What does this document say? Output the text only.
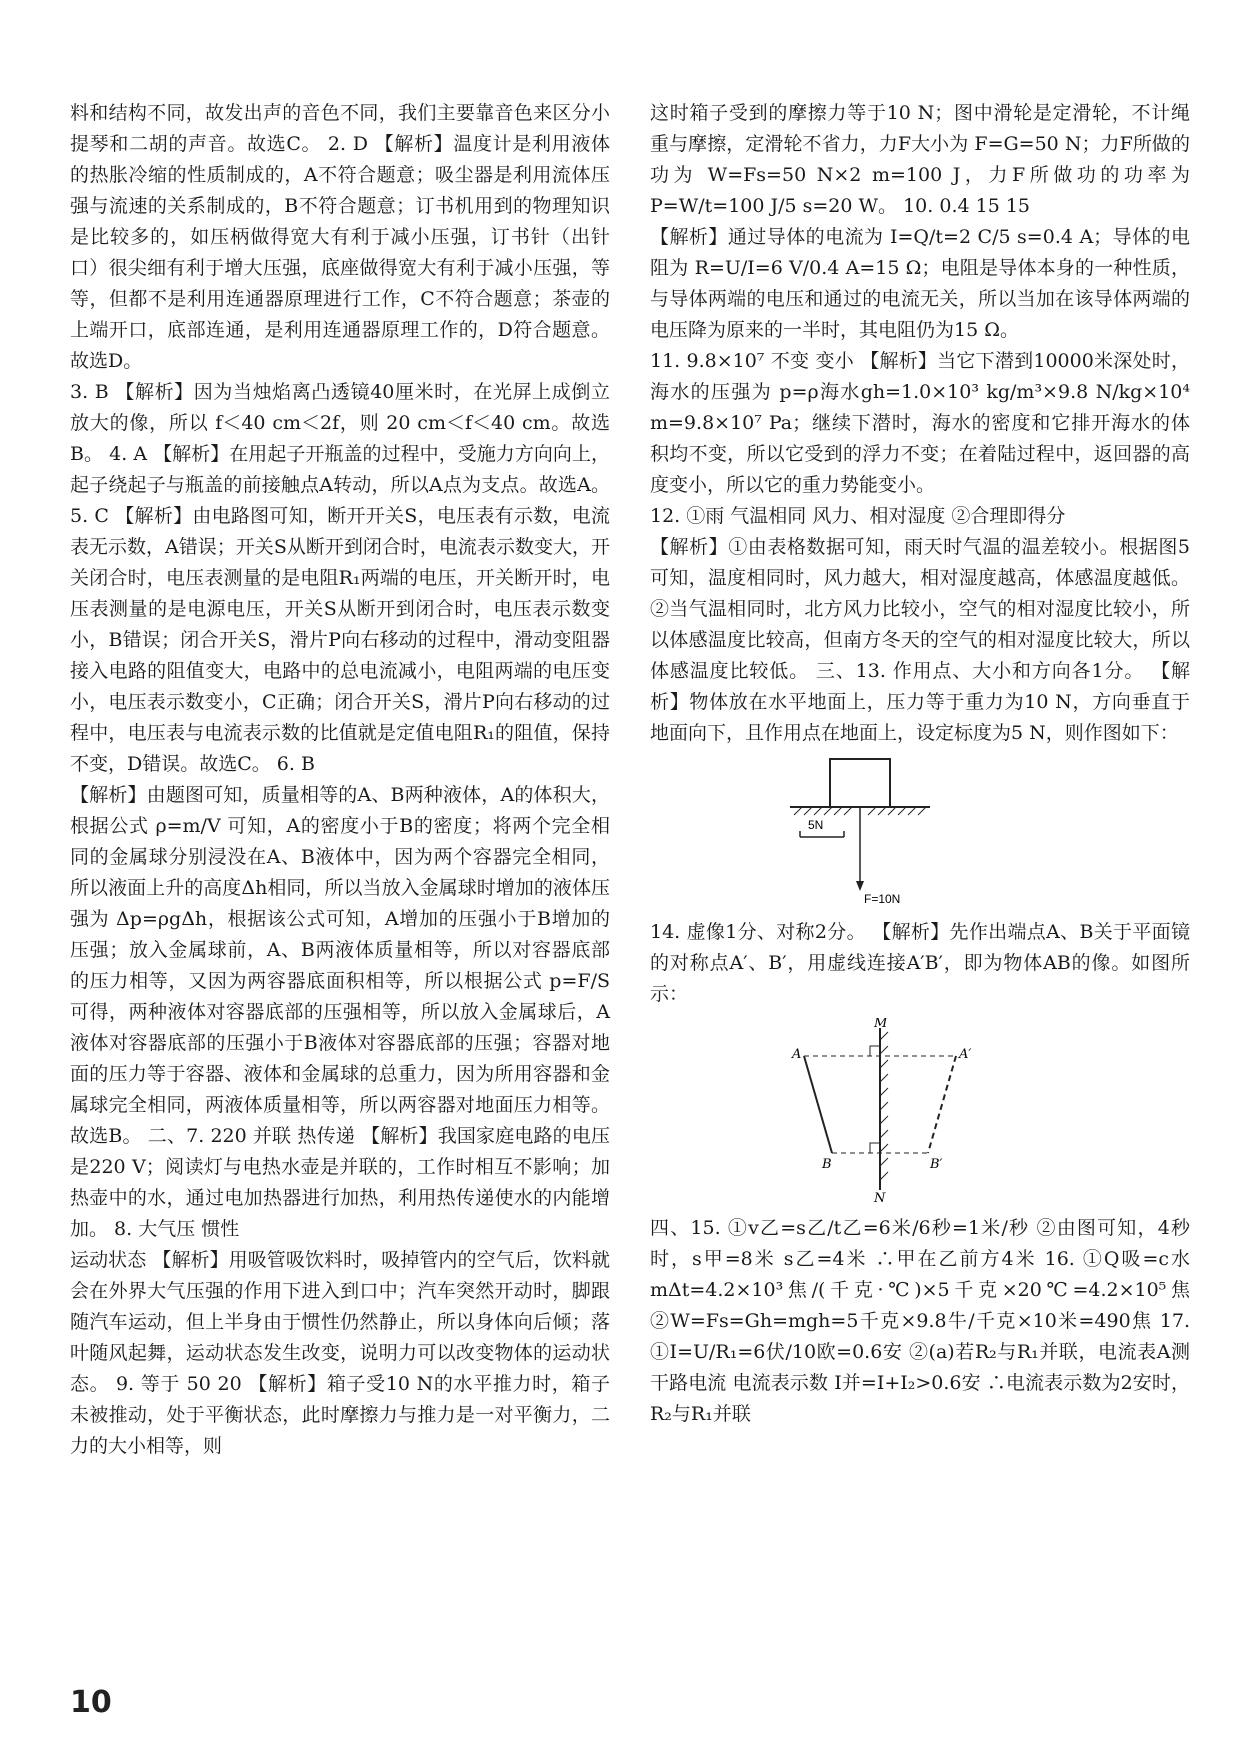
料和结构不同，故发出声的音色不同，我们主要靠音色来区分小提琴和二胡的声音。故选C。 2. D 【解析】温度计是利用液体的热胀冷缩的性质制成的，A不符合题意；吸尘器是利用流体压强与流速的关系制成的，B不符合题意；订书机用到的物理知识是比较多的，如压柄做得宽大有利于减小压强，订书针（出针口）很尖细有利于增大压强，底座做得宽大有利于减小压强，等等，但都不是利用连通器原理进行工作，C不符合题意；茶壶的上端开口，底部连通，是利用连通器原理工作的，D符合题意。故选D。

3. B 【解析】因为当烛焰离凸透镜40厘米时，在光屏上成倒立放大的像，所以 f＜40 cm＜2f，则 20 cm＜f＜40 cm。故选B。 4. A 【解析】在用起子开瓶盖的过程中，受施力方向向上，起子绕起子与瓶盖的前接触点A转动，所以A点为支点。故选A。 5. C 【解析】由电路图可知，断开开关S，电压表有示数，电流表无示数，A错误；开关S从断开到闭合时，电流表示数变大，开关闭合时，电压表测量的是电阻R₁两端的电压，开关断开时，电压表测量的是电源电压，开关S从断开到闭合时，电压表示数变小，B错误；闭合开关S，滑片P向右移动的过程中，滑动变阻器接入电路的阻值变大，电路中的总电流减小，电阻两端的电压变小，电压表示数变小，C正确；闭合开关S，滑片P向右移动的过程中，电压表与电流表示数的比值就是定值电阻R₁的阻值，保持不变，D错误。故选C。 6. B

【解析】由题图可知，质量相等的A、B两种液体，A的体积大，根据公式 ρ=m/V 可知，A的密度小于B的密度；将两个完全相同的金属球分别浸没在A、B液体中，因为两个容器完全相同，所以液面上升的高度Δh相同，所以当放入金属球时增加的液体压强为 Δp=ρgΔh，根据该公式可知，A增加的压强小于B增加的压强；放入金属球前，A、B两液体质量相等，所以对容器底部的压力相等，又因为两容器底面积相等，所以根据公式 p=F/S 可得，两种液体对容器底部的压强相等，所以放入金属球后，A液体对容器底部的压强小于B液体对容器底部的压强；容器对地面的压力等于容器、液体和金属球的总重力，因为所用容器和金属球完全相同，两液体质量相等，所以两容器对地面压力相等。故选B。 二、7. 220 并联 热传递 【解析】我国家庭电路的电压是220 V；阅读灯与电热水壶是并联的，工作时相互不影响；加热壶中的水，通过电加热器进行加热，利用热传递使水的内能增加。 8. 大气压 惯性

运动状态 【解析】用吸管吸饮料时，吸掉管内的空气后，饮料就会在外界大气压强的作用下进入到口中；汽车突然开动时，脚跟随汽车运动，但上半身由于惯性仍然静止，所以身体向后倾；落叶随风起舞，运动状态发生改变，说明力可以改变物体的运动状态。 9. 等于 50 20 【解析】箱子受10 N的水平推力时，箱子未被推动，处于平衡状态，此时摩擦力与推力是一对平衡力，二力的大小相等，则

这时箱子受到的摩擦力等于10 N；图中滑轮是定滑轮，不计绳重与摩擦，定滑轮不省力，力F大小为 F=G=50 N；力F所做的功为 W=Fs=50 N×2 m=100 J，力F所做功的功率为 P=W/t=100 J/5 s=20 W。 10. 0.4 15 15

【解析】通过导体的电流为 I=Q/t=2 C/5 s=0.4 A；导体的电阻为 R=U/I=6 V/0.4 A=15 Ω；电阻是导体本身的一种性质，与导体两端的电压和通过的电流无关，所以当加在该导体两端的电压降为原来的一半时，其电阻仍为15 Ω。

11. 9.8×10⁷ 不变 变小 【解析】当它下潜到10000米深处时，海水的压强为 p=ρ海水gh=1.0×10³ kg/m³×9.8 N/kg×10⁴ m=9.8×10⁷ Pa；继续下潜时，海水的密度和它排开海水的体积均不变，所以它受到的浮力不变；在着陆过程中，返回器的高度变小，所以它的重力势能变小。

12. ①雨 气温相同 风力、相对湿度 ②合理即得分

【解析】①由表格数据可知，雨天时气温的温差较小。根据图5可知，温度相同时，风力越大，相对湿度越高，体感温度越低。②当气温相同时，北方风力比较小，空气的相对湿度比较小，所以体感温度比较高，但南方冬天的空气的相对湿度比较大，所以体感温度比较低。 三、13. 作用点、大小和方向各1分。 【解析】物体放在水平地面上，压力等于重力为10 N，方向垂直于地面向下，且作用点在地面上，设定标度为5 N，则作图如下：

5N
F=10N

14. 虚像1分、对称2分。 【解析】先作出端点A、B关于平面镜的对称点A′、B′，用虚线连接A′B′，即为物体AB的像。如图所示：

M
N
A	A′
B	B′

四、15. ①v乙=s乙/t乙=6米/6秒=1米/秒 ②由图可知，4秒时，s甲=8米 s乙=4米 ∴甲在乙前方4米 16. ①Q吸=c水mΔt=4.2×10³焦/(千克·℃)×5千克×20℃=4.2×10⁵焦 ②W=Fs=Gh=mgh=5千克×9.8牛/千克×10米=490焦 17. ①I=U/R₁=6伏/10欧=0.6安 ②(a)若R₂与R₁并联，电流表A测干路电流 电流表示数 I并=I+I₂>0.6安 ∴电流表示数为2安时，R₂与R₁并联

10
